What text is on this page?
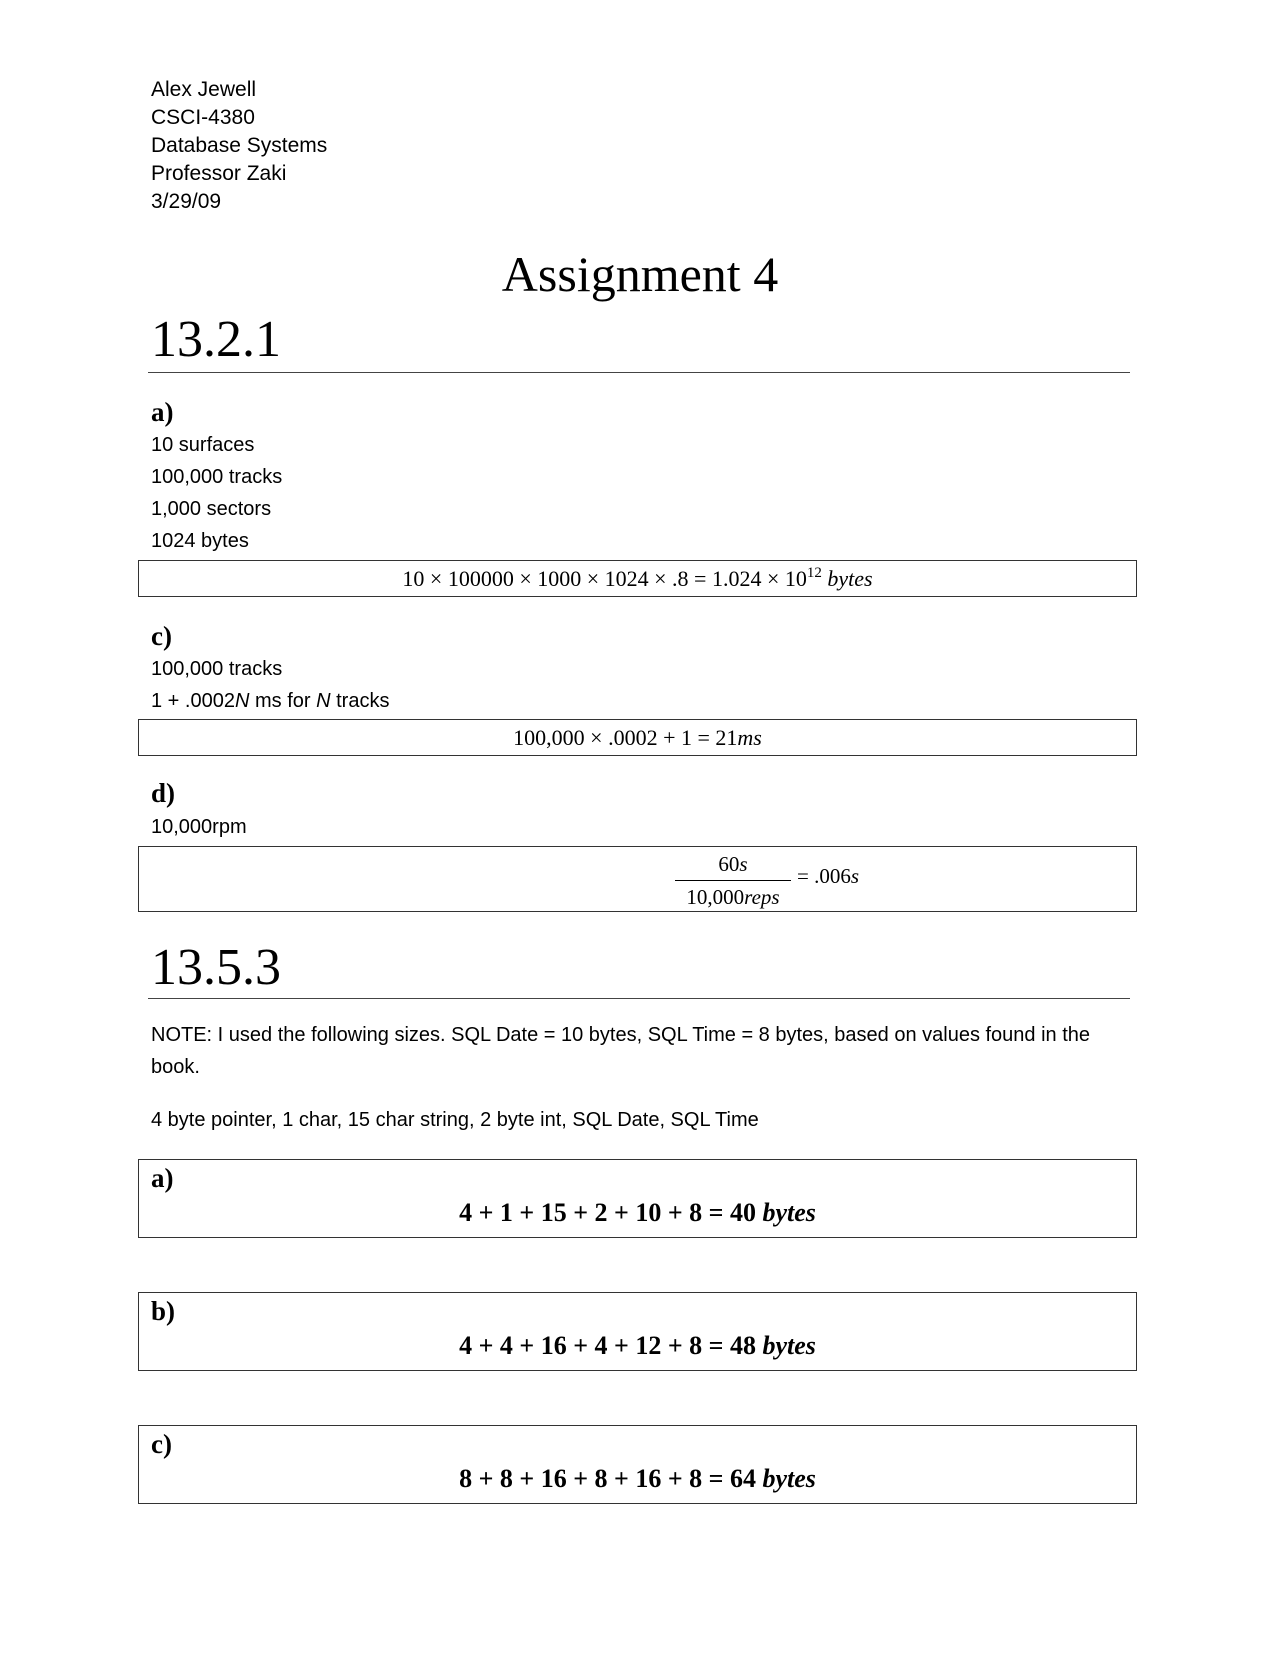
Alex Jewell
CSCI-4380
Database Systems
Professor Zaki
3/29/09
Assignment 4
13.2.1
a)
10 surfaces
100,000 tracks
1,000 sectors
1024 bytes
$10 \times 100000 \times 1000 \times 1024 \times .8 = 1.024 \times 10^{12}$ bytes
c)
100,000 tracks
1 + .0002N ms for N tracks
100,000 × .0002 + 1 = 21ms
d)
10,000rpm
60s
10,000reps
= .006s
13.5.3
NOTE: I used the following sizes. SQL Date = 10 bytes, SQL Time = 8 bytes, based on values found in the
book.
4 byte pointer, 1 char, 15 char string, 2 byte int, SQL Date, SQL Time
a)
4 + 1 + 15 + 2 + 10 + 8 = 40 bytes
b)
4 + 4 + 16 + 4 + 12 + 8 = 48 bytes
c)
8 + 8 + 16 + 8 + 16 + 8 = 64 bytes
